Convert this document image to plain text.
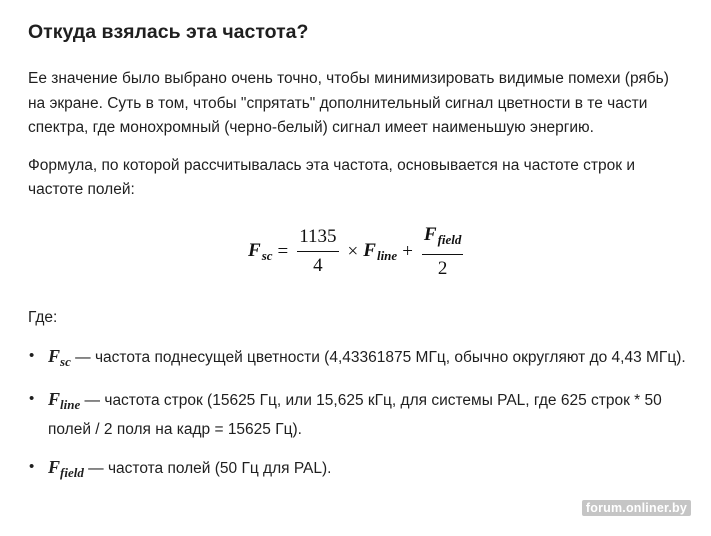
Откуда взялась эта частота?

Ее значение было выбрано очень точно, чтобы минимизировать видимые помехи (рябь) на экране. Суть в том, чтобы "спрятать" дополнительный сигнал цветности в те части спектра, где монохромный (черно-белый) сигнал имеет наименьшую энергию.

Формула, по которой рассчитывалась эта частота, основывается на частоте строк и частоте полей:

$F_{sc} = \frac{1135}{4} \times F_{line} + \frac{F_{field}}{2}$
Где:
• $F_{sc}$ — частота поднесущей цветности (4,43361875 МГц, обычно округляют до 4,43 МГц).
• $F_{line}$ — частота строк (15625 Гц, или 15,625 кГц, для системы PAL, где 625 строк * 50 полей / 2 поля на кадр = 15625 Гц).
• $F_{field}$ — частота полей (50 Гц для PAL).
forum.onliner.by
